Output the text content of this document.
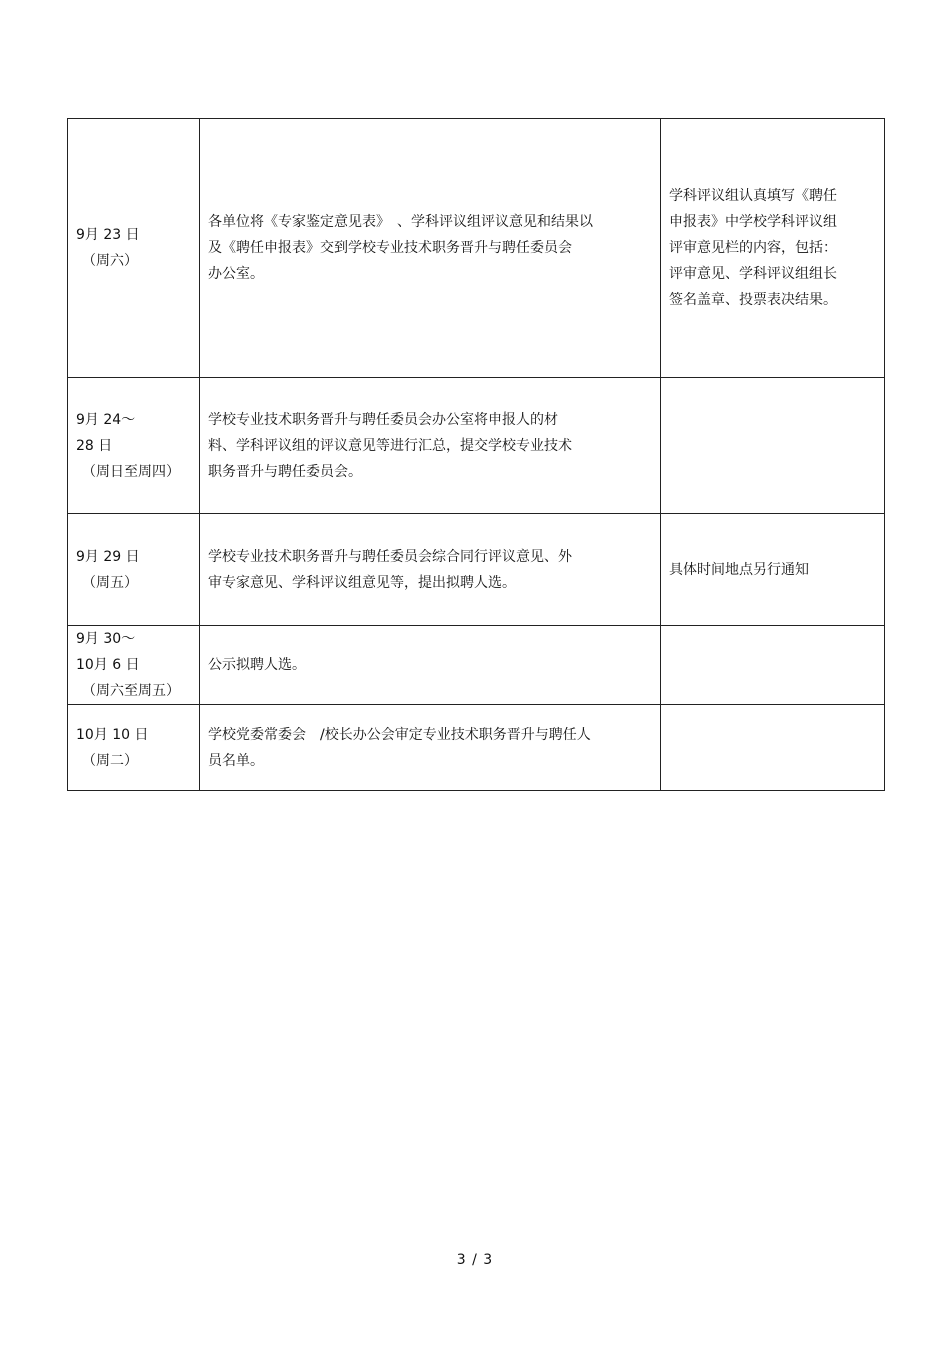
9月 23 日
（周六）	各单位将《专家鉴定意见表》　、学科评议组评议意见和结果以
及《聘任申报表》交到学校专业技术职务晋升与聘任委员会
办公室。	学科评议组认真填写《聘任
申报表》中学校学科评议组
评审意见栏的内容，包括：
评审意见、学科评议组组长
签名盖章、投票表决结果。

9月 24～
28 日
（周日至周四）	学校专业技术职务晋升与聘任委员会办公室将申报人的材
料、学科评议组的评议意见等进行汇总，提交学校专业技术
职务晋升与聘任委员会。	

9月 29 日
（周五）	学校专业技术职务晋升与聘任委员会综合同行评议意见、外
审专家意见、学科评议组意见等，提出拟聘人选。	具体时间地点另行通知

9月 30～
10月 6 日
（周六至周五）	公示拟聘人选。	

10月 10 日
（周二）	学校党委常委会　/校长办公会审定专业技术职务晋升与聘任人
员名单。	
3 / 3
